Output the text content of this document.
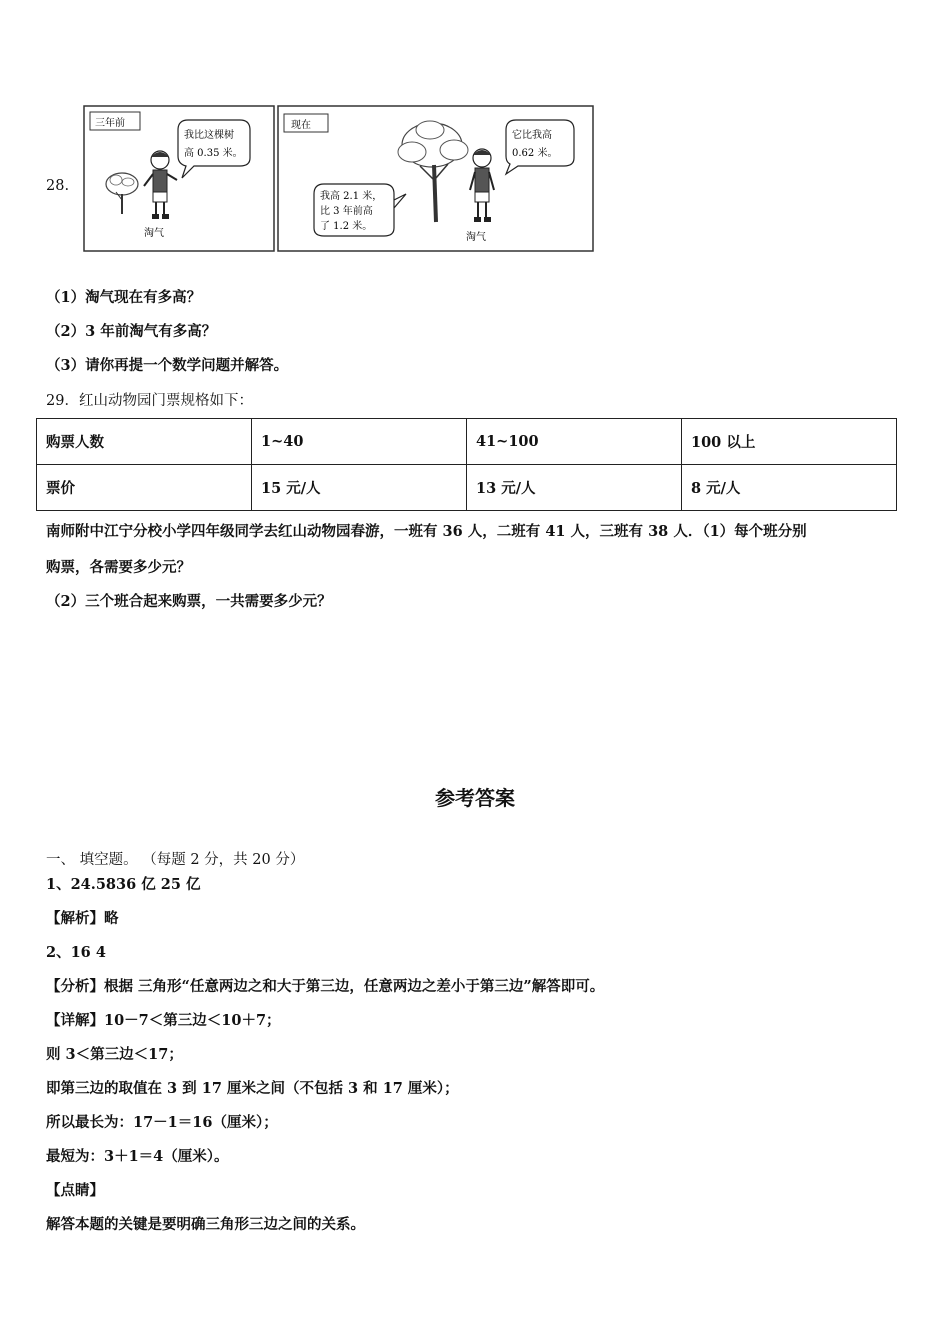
28.
三年前
淘气
我比这棵树
高 0.35 米。
现在
淘气
它比我高
0.62 米。
我高 2.1 米，
比 3 年前高
了 1.2 米。
（1）淘气现在有多高？
（2）3 年前淘气有多高？
（3）请你再提一个数学问题并解答。
29．红山动物园门票规格如下：
购票人数	1~40	41~100	100 以上
票价	15 元/人	13 元/人	8 元/人
南师附中江宁分校小学四年级同学去红山动物园春游，一班有 36 人，二班有 41 人，三班有 38 人．（1）每个班分别
购票，各需要多少元？
（2）三个班合起来购票，一共需要多少元？
参考答案
一、 填空题。 （每题 2 分，共 20 分）
1、24.5836 亿 25 亿
【解析】略
2、16 4
【分析】根据 三角形“任意两边之和大于第三边，任意两边之差小于第三边”解答即可。
【详解】10－7＜第三边＜10＋7；
则 3＜第三边＜17；
即第三边的取值在 3 到 17 厘米之间（不包括 3 和 17 厘米）；
所以最长为：17－1＝16（厘米）；
最短为：3＋1＝4（厘米）。
【点睛】
解答本题的关键是要明确三角形三边之间的关系。
